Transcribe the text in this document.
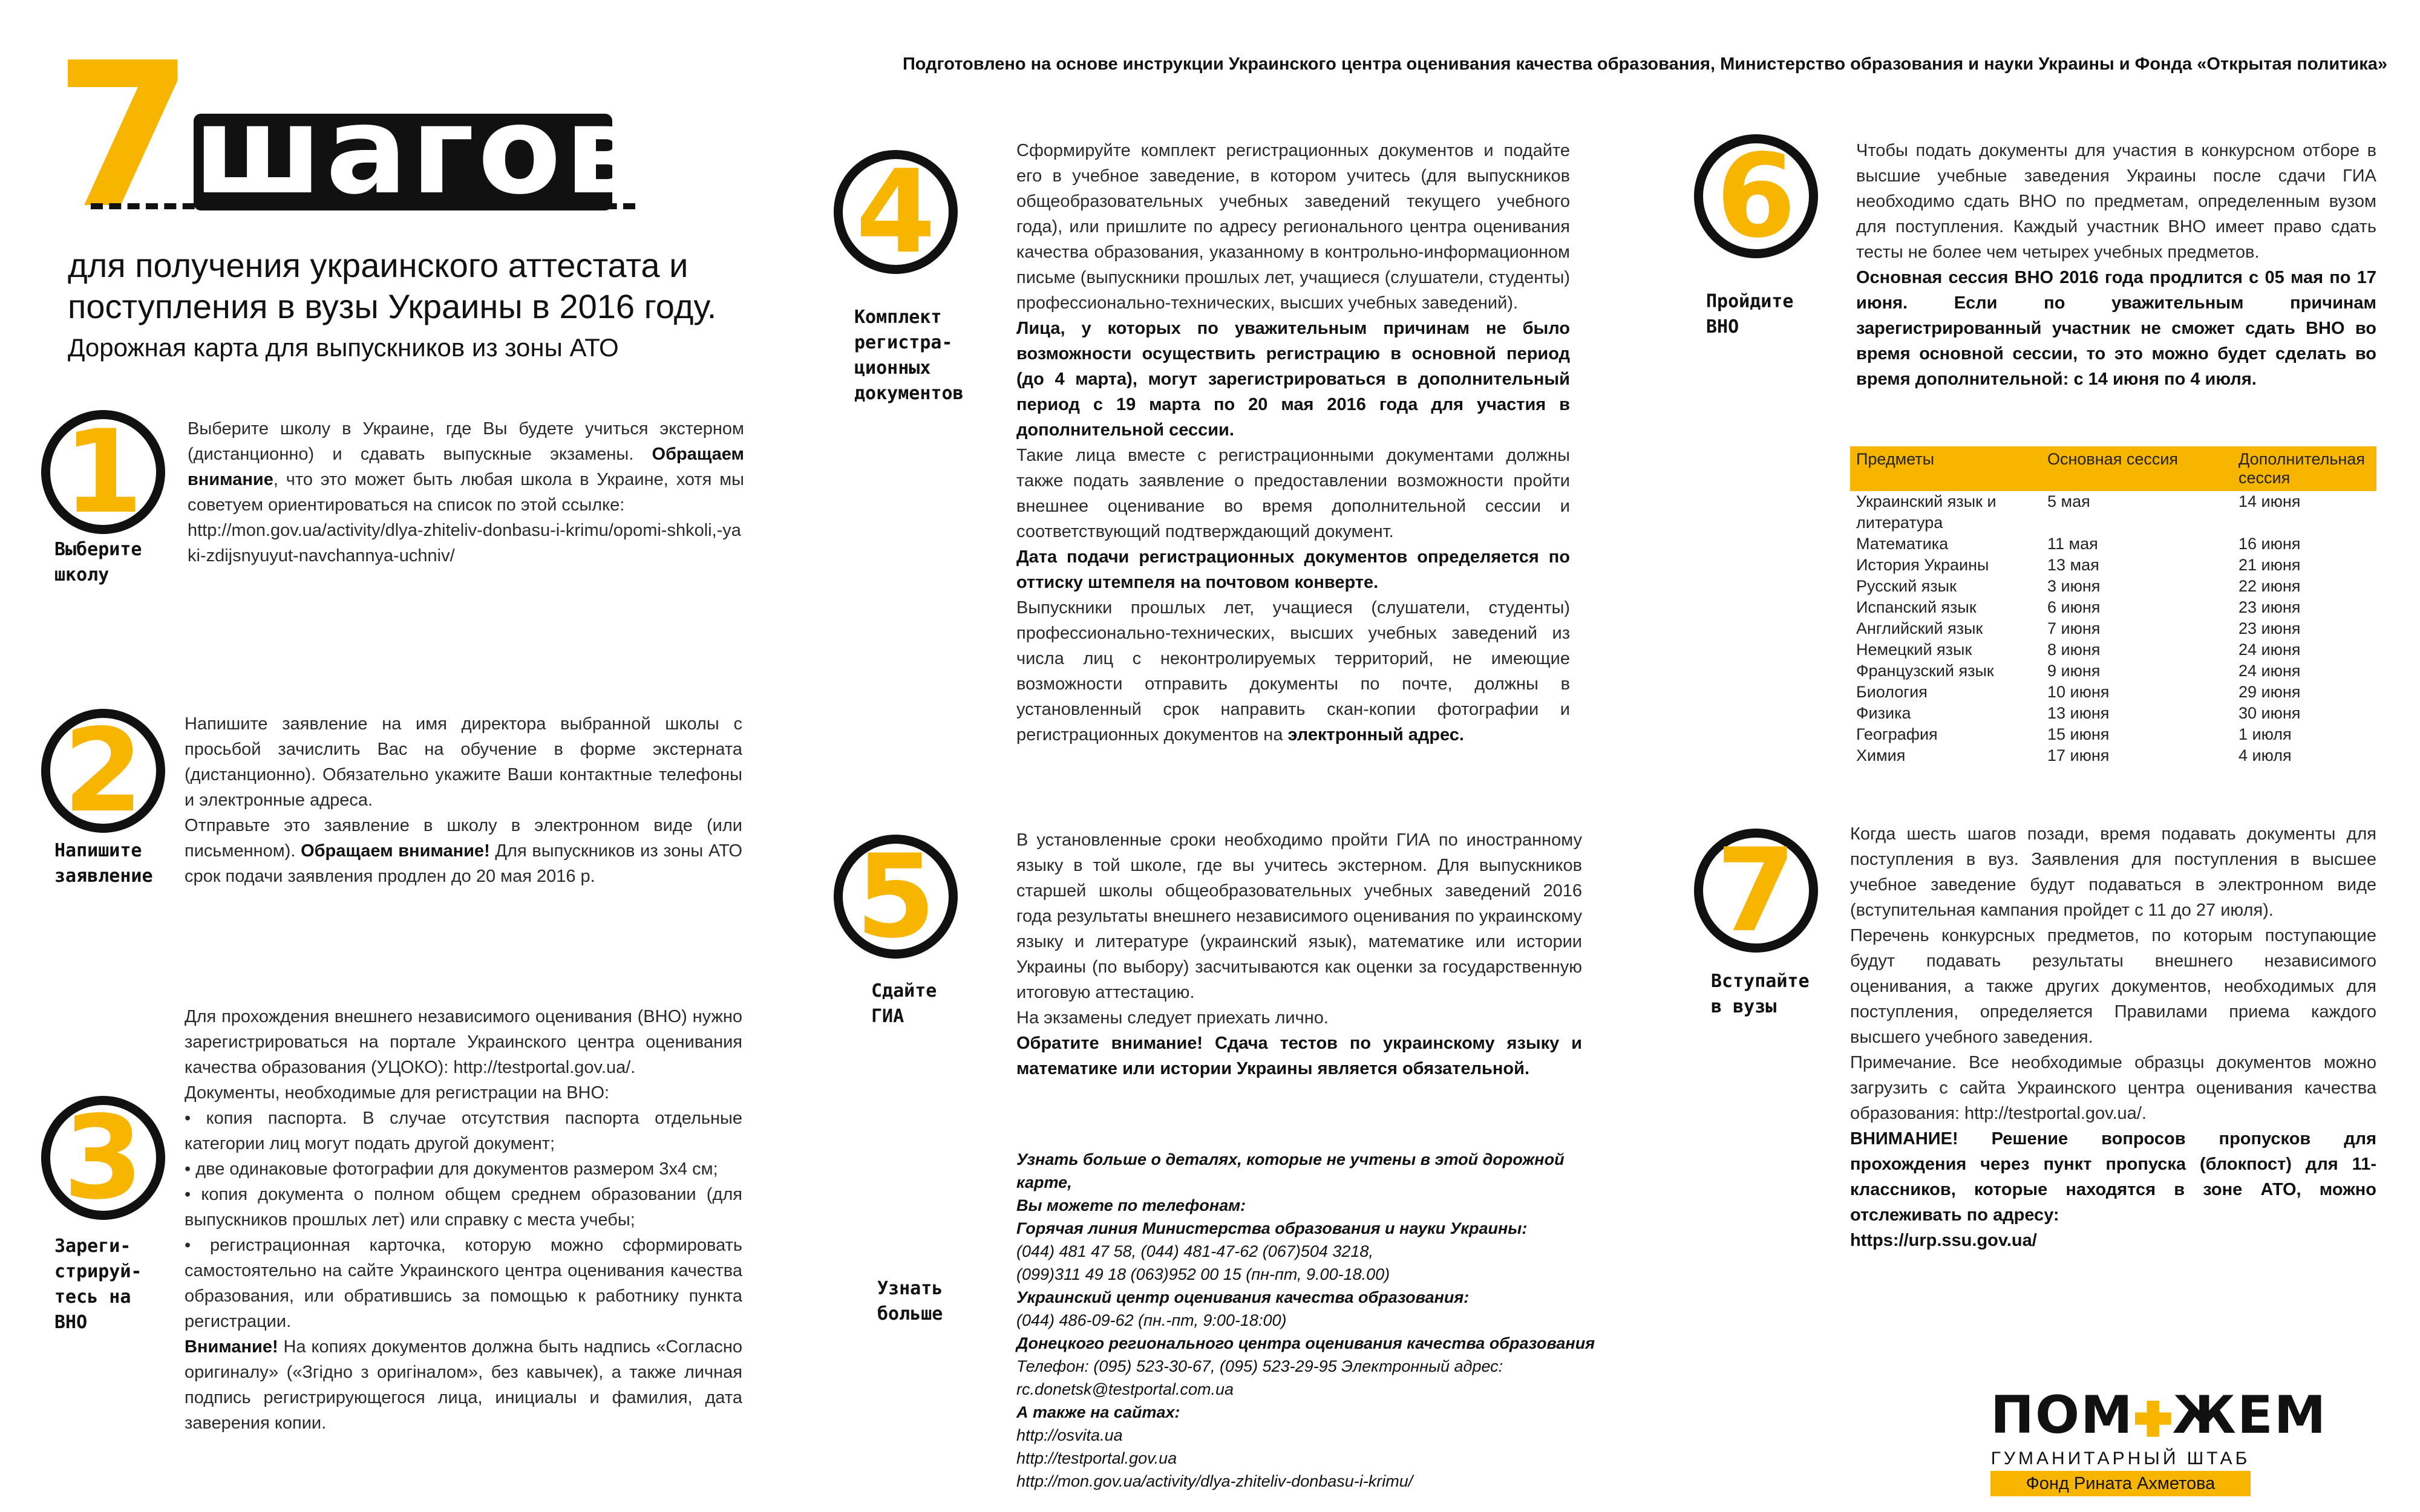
Подготовлено на основе инструкции Украинского центра оценивания качества образования, Министерство образования и науки Украины и Фонда «Открытая политика»
7 шагов
для получения украинского аттестата и
поступления в вузы Украины в 2016 году.
Дорожная карта для выпускников из зоны АТО
1
Выберите
школу

Выберите школу в Украине, где Вы будете учиться экстерном (дистанционно) и сдавать выпускные экзамены. Обращаем внимание, что это может быть любая школа в Украине, хотя мы советуем ориентироваться на список по этой ссылке:

http://mon.gov.ua/activity/dlya-zhiteliv-donbasu-i-krimu/opomi-shkoli,-yaki-zdijsnyuyut-navchannya-uchniv/

2
Напишите
заявление

Напишите заявление на имя директора выбранной школы с просьбой зачислить Вас на обучение в форме экстерната (дистанционно). Обязательно укажите Ваши контактные телефоны и электронные адреса.

Отправьте это заявление в школу в электронном виде (или письменном). Обращаем внимание! Для выпускников из зоны АТО срок подачи заявления продлен до 20 мая 2016 р.

3
Зареги-
стрируй-
тесь на
ВНО

Для прохождения внешнего независимого оценивания (ВНО) нужно зарегистрироваться на портале Украинского центра оценивания качества образования (УЦОКО): http://testportal.gov.ua/.

Документы, необходимые для регистрации на ВНО:

• копия паспорта. В случае отсутствия паспорта отдельные категории лиц могут подать другой документ;

• две одинаковые фотографии для документов размером 3х4 см;

• копия документа о полном общем среднем образовании (для выпускников прошлых лет) или справку с места учебы;

• регистрационная карточка, которую можно сформировать самостоятельно на сайте Украинского центра оценивания качества образования, или обратившись за помощью к работнику пункта регистрации.

Внимание! На копиях документов должна быть надпись «Согласно оригиналу» («Згідно з оригіналом», без кавычек), а также личная подпись регистрирующегося лица, инициалы и фамилия, дата заверения копии.

4
Комплект
регистра-
ционных
документов

Сформируйте комплект регистрационных документов и подайте его в учебное заведение, в котором учитесь (для выпускников общеобразовательных учебных заведений текущего учебного года), или пришлите по адресу регионального центра оценивания качества образования, указанному в контрольно-информационном письме (выпускники прошлых лет, учащиеся (слушатели, студенты) профессионально-технических, высших учебных заведений).

Лица, у которых по уважительным причинам не было возможности осуществить регистрацию в основной период (до 4 марта), могут зарегистрироваться в дополнительный период с 19 марта по 20 мая 2016 года для участия в дополнительной сессии.

Такие лица вместе с регистрационными документами должны также подать заявление о предоставлении возможности пройти внешнее оценивание во время дополнительной сессии и соответствующий подтверждающий документ.

Дата подачи регистрационных документов определяется по оттиску штемпеля на почтовом конверте.

Выпускники прошлых лет, учащиеся (слушатели, студенты) профессионально-технических, высших учебных заведений из числа лиц с неконтролируемых территорий, не имеющие возможности отправить документы по почте, должны в установленный срок направить скан-копии фотографии и регистрационных документов на электронный адрес.

5
Сдайте
ГИА

В установленные сроки необходимо пройти ГИА по иностранному языку в той школе, где вы учитесь экстерном. Для выпускников старшей школы общеобразовательных учебных заведений 2016 года результаты внешнего независимого оценивания по украинскому языку и литературе (украинский язык), математике или истории Украины (по выбору) засчитываются как оценки за государственную итоговую аттестацию.

На экзамены следует приехать лично.

Обратите внимание! Сдача тестов по украинскому языку и математике или истории Украины является обязательной.

Узнать
больше
Узнать больше о деталях, которые не учтены в этой дорожной карте,
Вы можете по телефонам:
Горячая линия Министерства образования и науки Украины:
(044) 481 47 58, (044) 481-47-62 (067)504 3218,
(099)311 49 18 (063)952 00 15 (пн-пт, 9.00-18.00)
Украинский центр оценивания качества образования:
(044) 486-09-62 (пн.-пт, 9:00-18:00)
Донецкого регионального центра оценивания качества образования
Телефон: (095) 523-30-67, (095) 523-29-95 Электронный адрес:
rc.donetsk@testportal.com.ua
А также на сайтах:
http://osvita.ua
http://testportal.gov.ua
http://mon.gov.ua/activity/dlya-zhiteliv-donbasu-i-krimu/
6
Пройдите
ВНО

Чтобы подать документы для участия в конкурсном отборе в высшие учебные заведения Украины после сдачи ГИА необходимо сдать ВНО по предметам, определенным вузом для поступления. Каждый участник ВНО имеет право сдать тесты не более чем четырех учебных предметов.

Основная сессия ВНО 2016 года продлится с 05 мая по 17 июня. Если по уважительным причинам зарегистрированный участник не сможет сдать ВНО во время основной сессии, то это можно будет сделать во время дополнительной: с 14 июня по 4 июля.

Предметы	Основная сессия	Дополнительная сессия
Украинский язык и литература	5 мая	14 июня
Математика	11 мая	16 июня
История Украины	13 мая	21 июня
Русский язык	3 июня	22 июня
Испанский язык	6 июня	23 июня
Английский язык	7 июня	23 июня
Немецкий язык	8 июня	24 июня
Французский язык	9 июня	24 июня
Биология	10 июня	29 июня
Физика	13 июня	30 июня
География	15 июня	1 июля
Химия	17 июня	4 июля
7
Вступайте
в вузы

Когда шесть шагов позади, время подавать документы для поступления в вуз. Заявления для поступления в высшее учебное заведение будут подаваться в электронном виде (вступительная кампания пройдет с 11 до 27 июля).

Перечень конкурсных предметов, по которым поступающие будут подавать результаты внешнего независимого оценивания, а также других документов, необходимых для поступления, определяется Правилами приема каждого высшего учебного заведения.

Примечание. Все необходимые образцы документов можно загрузить с сайта Украинского центра оценивания качества образования: http://testportal.gov.ua/.

ВНИМАНИЕ! Решение вопросов пропусков для прохождения через пункт пропуска (блокпост) для 11-классников, которые находятся в зоне АТО, можно отслеживать по адресу:

https://urp.ssu.gov.ua/

ПОМ ЖЕМ
ГУМАНИТАРНЫЙ ШТАБ
Фонд Рината Ахметова
